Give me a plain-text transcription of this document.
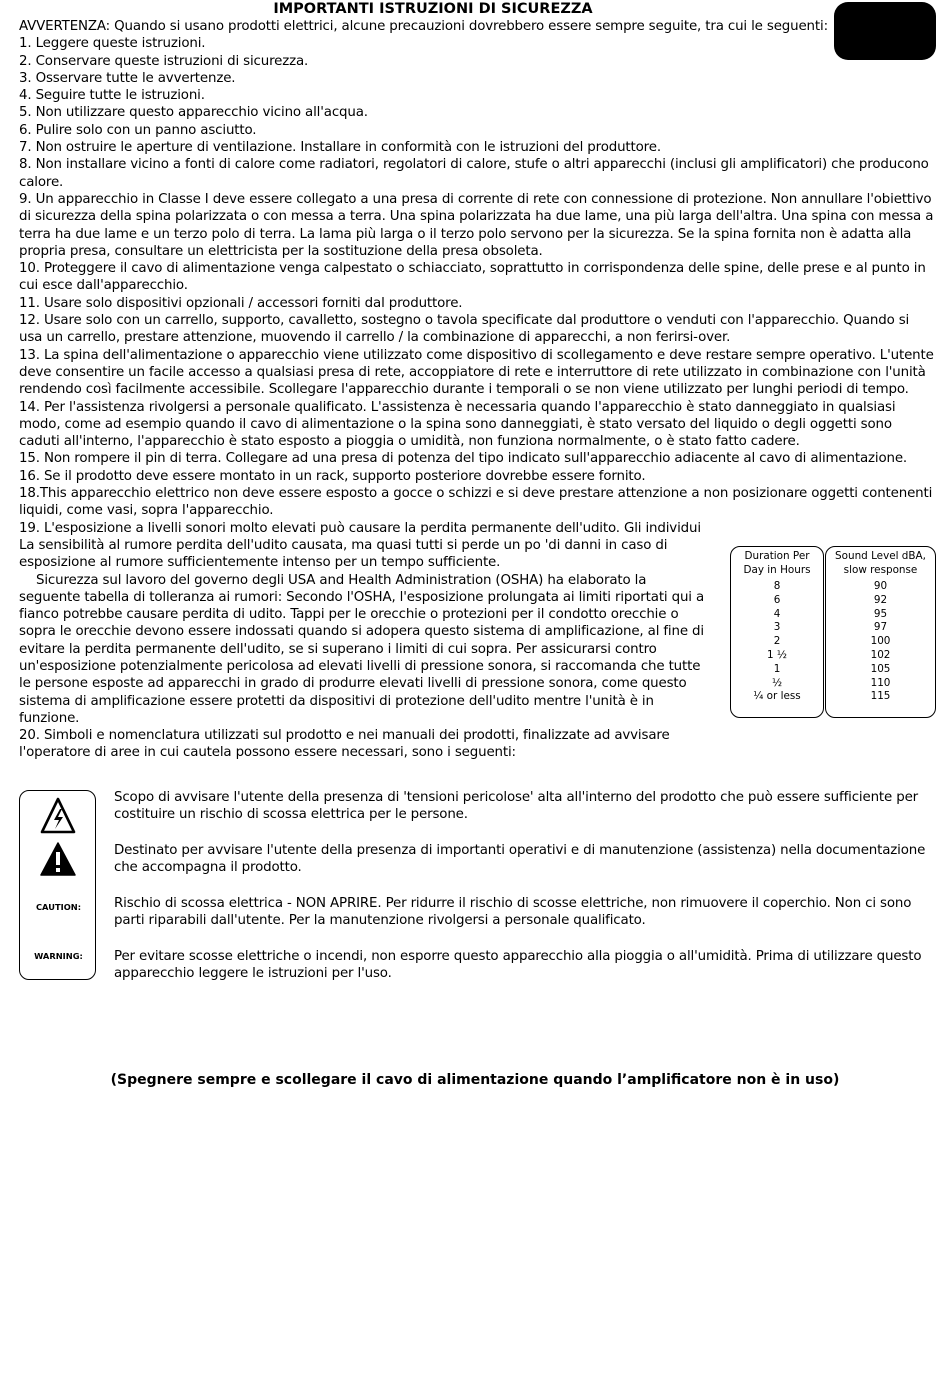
IMPORTANTI ISTRUZIONI DI SICUREZZA

AVVERTENZA: Quando si usano prodotti elettrici, alcune precauzioni dovrebbero essere sempre seguite, tra cui le seguenti:

1. Leggere queste istruzioni.

2. Conservare queste istruzioni di sicurezza.

3. Osservare tutte le avvertenze.

4. Seguire tutte le istruzioni.

5. Non utilizzare questo apparecchio vicino all'acqua.

6. Pulire solo con un panno asciutto.

7. Non ostruire le aperture di ventilazione. Installare in conformità con le istruzioni del produttore.

8. Non installare vicino a fonti di calore come radiatori, regolatori di calore, stufe o altri apparecchi (inclusi gli amplificatori) che producono calore.

9. Un apparecchio in Classe I deve essere collegato a una presa di corrente di rete con connessione di protezione. Non annullare l'obiettivo di sicurezza della spina polarizzata o con messa a terra. Una spina polarizzata ha due lame, una più larga dell'altra. Una spina con messa a terra ha due lame e un terzo polo di terra. La lama più larga o il terzo polo servono per la sicurezza. Se la spina fornita non è adatta alla propria presa, consultare un elettricista per la sostituzione della presa obsoleta.

10. Proteggere il cavo di alimentazione venga calpestato o schiacciato, soprattutto in corrispondenza delle spine, delle prese e al punto in cui esce dall'apparecchio.

11. Usare solo dispositivi opzionali / accessori forniti dal produttore.

12. Usare solo con un carrello, supporto, cavalletto, sostegno o tavola specificate dal produttore o venduti con l'apparecchio. Quando si usa un carrello, prestare attenzione, muovendo il carrello / la combinazione di apparecchi, a non ferirsi-over.

13. La spina dell'alimentazione o apparecchio viene utilizzato come dispositivo di scollegamento e deve restare sempre operativo. L'utente deve consentire un facile accesso a qualsiasi presa di rete, accoppiatore di rete e interruttore di rete utilizzato in combinazione con l'unità rendendo così facilmente accessibile. Scollegare l'apparecchio durante i temporali o se non viene utilizzato per lunghi periodi di tempo.

14. Per l'assistenza rivolgersi a personale qualificato. L'assistenza è necessaria quando l'apparecchio è stato danneggiato in qualsiasi modo, come ad esempio quando il cavo di alimentazione o la spina sono danneggiati, è stato versato del liquido o degli oggetti sono caduti all'interno, l'apparecchio è stato esposto a pioggia o umidità, non funziona normalmente, o è stato fatto cadere.

15. Non rompere il pin di terra. Collegare ad una presa di potenza del tipo indicato sull'apparecchio adiacente al cavo di alimentazione.

16. Se il prodotto deve essere montato in un rack, supporto posteriore dovrebbe essere fornito.

18.This apparecchio elettrico non deve essere esposto a gocce o schizzi e si deve prestare attenzione a non posizionare oggetti contenenti liquidi, come vasi, sopra l'apparecchio.

19. L'esposizione a livelli sonori molto elevati può causare la perdita permanente dell'udito. Gli individui La sensibilità al rumore perdita dell'udito causata, ma quasi tutti si perde un po 'di danni in caso di esposizione al rumore sufficientemente intenso per un tempo sufficiente.

Sicurezza sul lavoro del governo degli USA and Health Administration (OSHA) ha elaborato la seguente tabella di tolleranza ai rumori: Secondo l'OSHA, l'esposizione prolungata ai limiti riportati qui a fianco potrebbe causare perdita di udito. Tappi per le orecchie o protezioni per il condotto orecchie o sopra le orecchie devono essere indossati quando si adopera questo sistema di amplificazione, al fine di evitare la perdita permanente dell'udito, se si superano i limiti di cui sopra. Per assicurarsi contro un'esposizione potenzialmente pericolosa ad elevati livelli di pressione sonora, si raccomanda che tutte le persone esposte ad apparecchi in grado di produrre elevati livelli di pressione sonora, come questo sistema di amplificazione essere protetti da dispositivi di protezione dell'udito mentre l'unità è in funzione.

20. Simboli e nomenclatura utilizzati sul prodotto e nei manuali dei prodotti, finalizzate ad avvisare l'operatore di aree in cui cautela possono essere necessari, sono i seguenti:

Duration Per
Day in Hours
8
6
4
3
2
1 ½
1
½
¼ or less
Sound Level dBA,
slow response
90
92
95
97
100
102
105
110
115
CAUTION:
WARNING:
Scopo di avvisare l'utente della presenza di 'tensioni pericolose' alta all'interno del prodotto che può essere sufficiente per costituire un rischio di scossa elettrica per le persone.
Destinato per avvisare l'utente della presenza di importanti operativi e di manutenzione (assistenza) nella documentazione che accompagna il prodotto.
Rischio di scossa elettrica - NON APRIRE. Per ridurre il rischio di scosse elettriche, non rimuovere il coperchio. Non ci sono parti riparabili dall'utente. Per la manutenzione rivolgersi a personale qualificato.
Per evitare scosse elettriche o incendi, non esporre questo apparecchio alla pioggia o all'umidità. Prima di utilizzare questo apparecchio leggere le istruzioni per l'uso.
(Spegnere sempre e scollegare il cavo di alimentazione quando l’amplificatore non è in uso)
